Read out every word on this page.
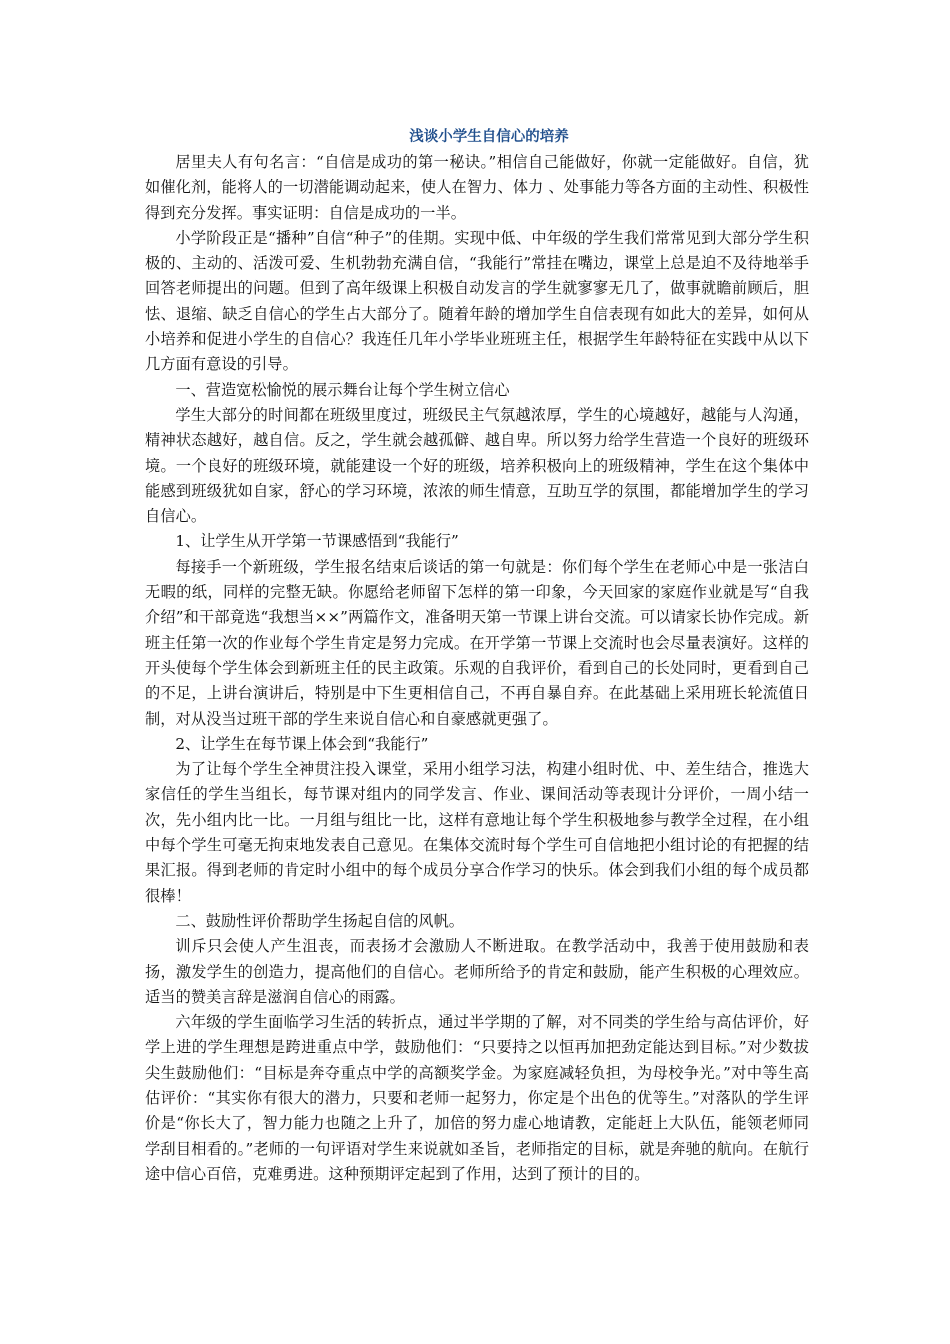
浅谈小学生自信心的培养

居里夫人有句名言：“自信是成功的第一秘诀。”相信自己能做好，你就一定能做好。自信，犹如催化剂，能将人的一切潜能调动起来，使人在智力、体力 、处事能力等各方面的主动性、积极性得到充分发挥。事实证明：自信是成功的一半。

小学阶段正是“播种”自信“种子”的佳期。实现中低、中年级的学生我们常常见到大部分学生积极的、主动的、活泼可爱、生机勃勃充满自信，“我能行”常挂在嘴边，课堂上总是迫不及待地举手回答老师提出的问题。但到了高年级课上积极自动发言的学生就寥寥无几了，做事就瞻前顾后，胆怯、退缩、缺乏自信心的学生占大部分了。随着年龄的增加学生自信表现有如此大的差异，如何从小培养和促进小学生的自信心？我连任几年小学毕业班班主任，根据学生年龄特征在实践中从以下几方面有意设的引导。

一、营造宽松愉悦的展示舞台让每个学生树立信心

学生大部分的时间都在班级里度过，班级民主气氛越浓厚，学生的心境越好，越能与人沟通，精神状态越好，越自信。反之，学生就会越孤僻、越自卑。所以努力给学生营造一个良好的班级环境。一个良好的班级环境，就能建设一个好的班级，培养积极向上的班级精神，学生在这个集体中能感到班级犹如自家，舒心的学习环境，浓浓的师生情意，互助互学的氛围，都能增加学生的学习自信心。

1、让学生从开学第一节课感悟到“我能行”

每接手一个新班级，学生报名结束后谈话的第一句就是：你们每个学生在老师心中是一张洁白无暇的纸，同样的完整无缺。你愿给老师留下怎样的第一印象，今天回家的家庭作业就是写“自我介绍”和干部竟选“我想当××”两篇作文，准备明天第一节课上讲台交流。可以请家长协作完成。新班主任第一次的作业每个学生肯定是努力完成。在开学第一节课上交流时也会尽量表演好。这样的开头使每个学生体会到新班主任的民主政策。乐观的自我评价，看到自己的长处同时，更看到自己的不足，上讲台演讲后，特别是中下生更相信自己，不再自暴自弃。在此基础上采用班长轮流值日制，对从没当过班干部的学生来说自信心和自豪感就更强了。

2、让学生在每节课上体会到“我能行”

为了让每个学生全神贯注投入课堂，采用小组学习法，构建小组时优、中、差生结合，推选大家信任的学生当组长，每节课对组内的同学发言、作业、课间活动等表现计分评价，一周小结一次，先小组内比一比。一月组与组比一比，这样有意地让每个学生积极地参与教学全过程，在小组中每个学生可毫无拘束地发表自己意见。在集体交流时每个学生可自信地把小组讨论的有把握的结果汇报。得到老师的肯定时小组中的每个成员分享合作学习的快乐。体会到我们小组的每个成员都很棒！

二、鼓励性评价帮助学生扬起自信的风帆。

训斥只会使人产生沮丧，而表扬才会激励人不断进取。在教学活动中，我善于使用鼓励和表扬，激发学生的创造力，提高他们的自信心。老师所给予的肯定和鼓励，能产生积极的心理效应。适当的赞美言辞是滋润自信心的雨露。

六年级的学生面临学习生活的转折点，通过半学期的了解，对不同类的学生给与高估评价，好学上进的学生理想是跨进重点中学，鼓励他们：“只要持之以恒再加把劲定能达到目标。”对少数拔尖生鼓励他们：“目标是奔夺重点中学的高额奖学金。为家庭减轻负担，为母校争光。”对中等生高估评价：“其实你有很大的潜力，只要和老师一起努力，你定是个出色的优等生。”对落队的学生评价是“你长大了，智力能力也随之上升了，加倍的努力虚心地请教，定能赶上大队伍，能领老师同学刮目相看的。”老师的一句评语对学生来说就如圣旨，老师指定的目标，就是奔驰的航向。在航行途中信心百倍，克难勇进。这种预期评定起到了作用，达到了预计的目的。
